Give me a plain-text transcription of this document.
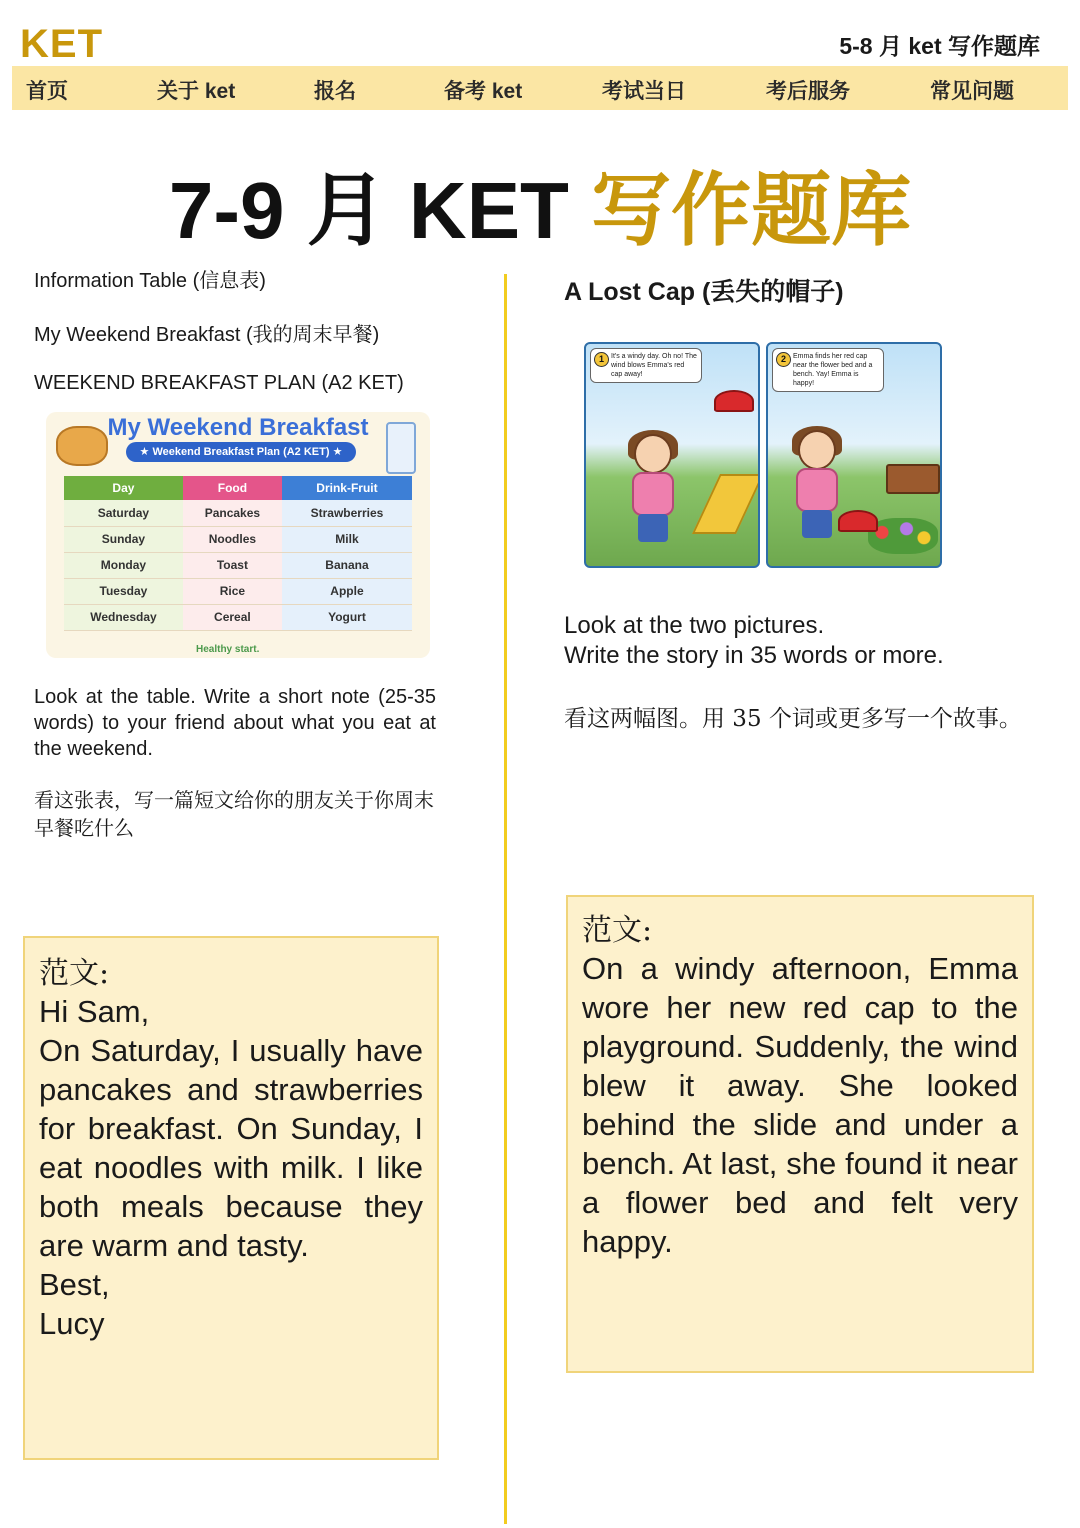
KET	5-8 月 ket 写作题库
首页	关于 ket	报名	备考 ket	考试当日	考后服务	常见问题
7-9 月 KET 写作题库
Information Table (信息表)
My Weekend Breakfast (我的周末早餐)
WEEKEND BREAKFAST PLAN (A2 KET)
My Weekend Breakfast
★ Weekend Breakfast Plan (A2 KET) ★
Day	Food	Drink-Fruit
Saturday	Pancakes	Strawberries
Sunday	Noodles	Milk
Monday	Toast	Banana
Tuesday	Rice	Apple
Wednesday	Cereal	Yogurt
Healthy start.
Look at the table. Write a short note (25-35 words) to your friend about what you eat at the weekend.
看这张表，写一篇短文给你的朋友关于你周末早餐吃什么
范文:
Hi Sam,
On Saturday, I usually have pancakes and strawberries for breakfast. On Sunday, I eat noodles with milk. I like both meals because they are warm and tasty.
Best,
Lucy
A Lost Cap (丢失的帽子)
1	It's a windy day. Oh no! The wind blows Emma's red cap away!
2	Emma finds her red cap near the flower bed and a bench. Yay! Emma is happy!
Look at the two pictures.
Write the story in 35 words or more.
看这两幅图。用 35 个词或更多写一个故事。
范文:
On a windy afternoon, Emma wore her new red cap to the playground. Suddenly, the wind blew it away. She looked behind the slide and under a bench. At last, she found it near a flower bed and felt very happy.
